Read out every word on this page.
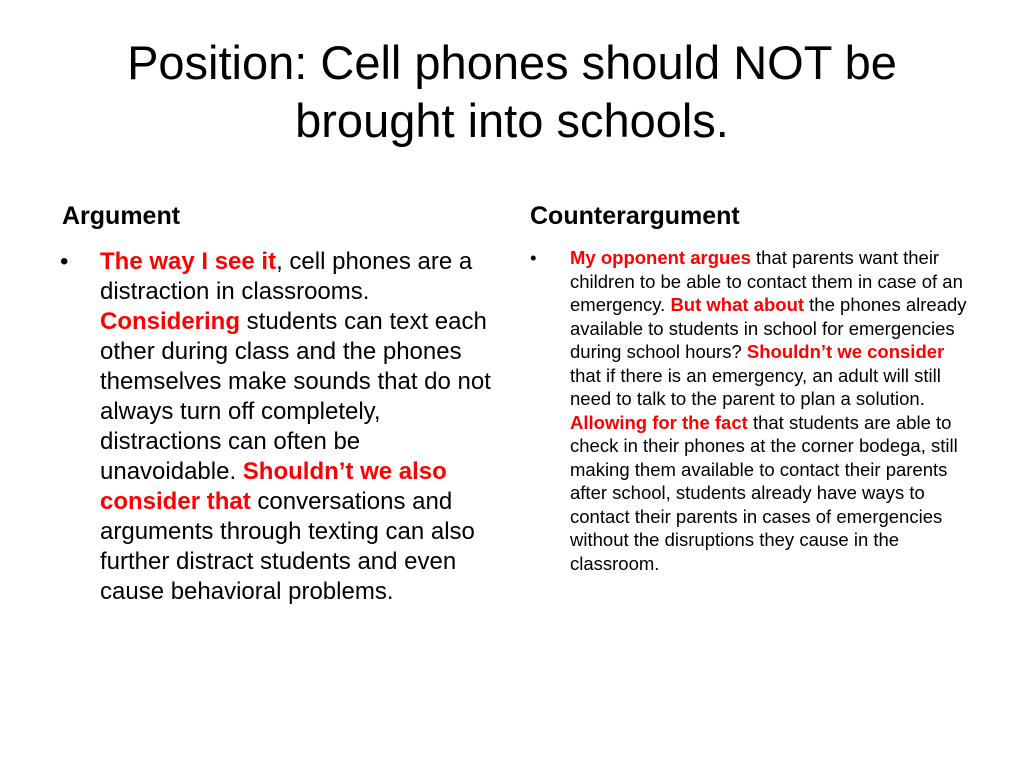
Position: Cell phones should NOT be brought into schools.
Argument	Counterargument
•	The way I see it, cell phones are a distraction in classrooms. Considering students can text each other during class and the phones themselves make sounds that do not always turn off completely, distractions can often be unavoidable. Shouldn’t we also consider that conversations and arguments through texting can also further distract students and even cause behavioral problems.
•	My opponent argues that parents want their children to be able to contact them in case of an emergency. But what about the phones already available to students in school for emergencies during school hours? Shouldn’t we consider that if there is an emergency, an adult will still need to talk to the parent to plan a solution. Allowing for the fact that students are able to check in their phones at the corner bodega, still making them available to contact their parents after school, students already have ways to contact their parents in cases of emergencies without the disruptions they cause in the classroom.
